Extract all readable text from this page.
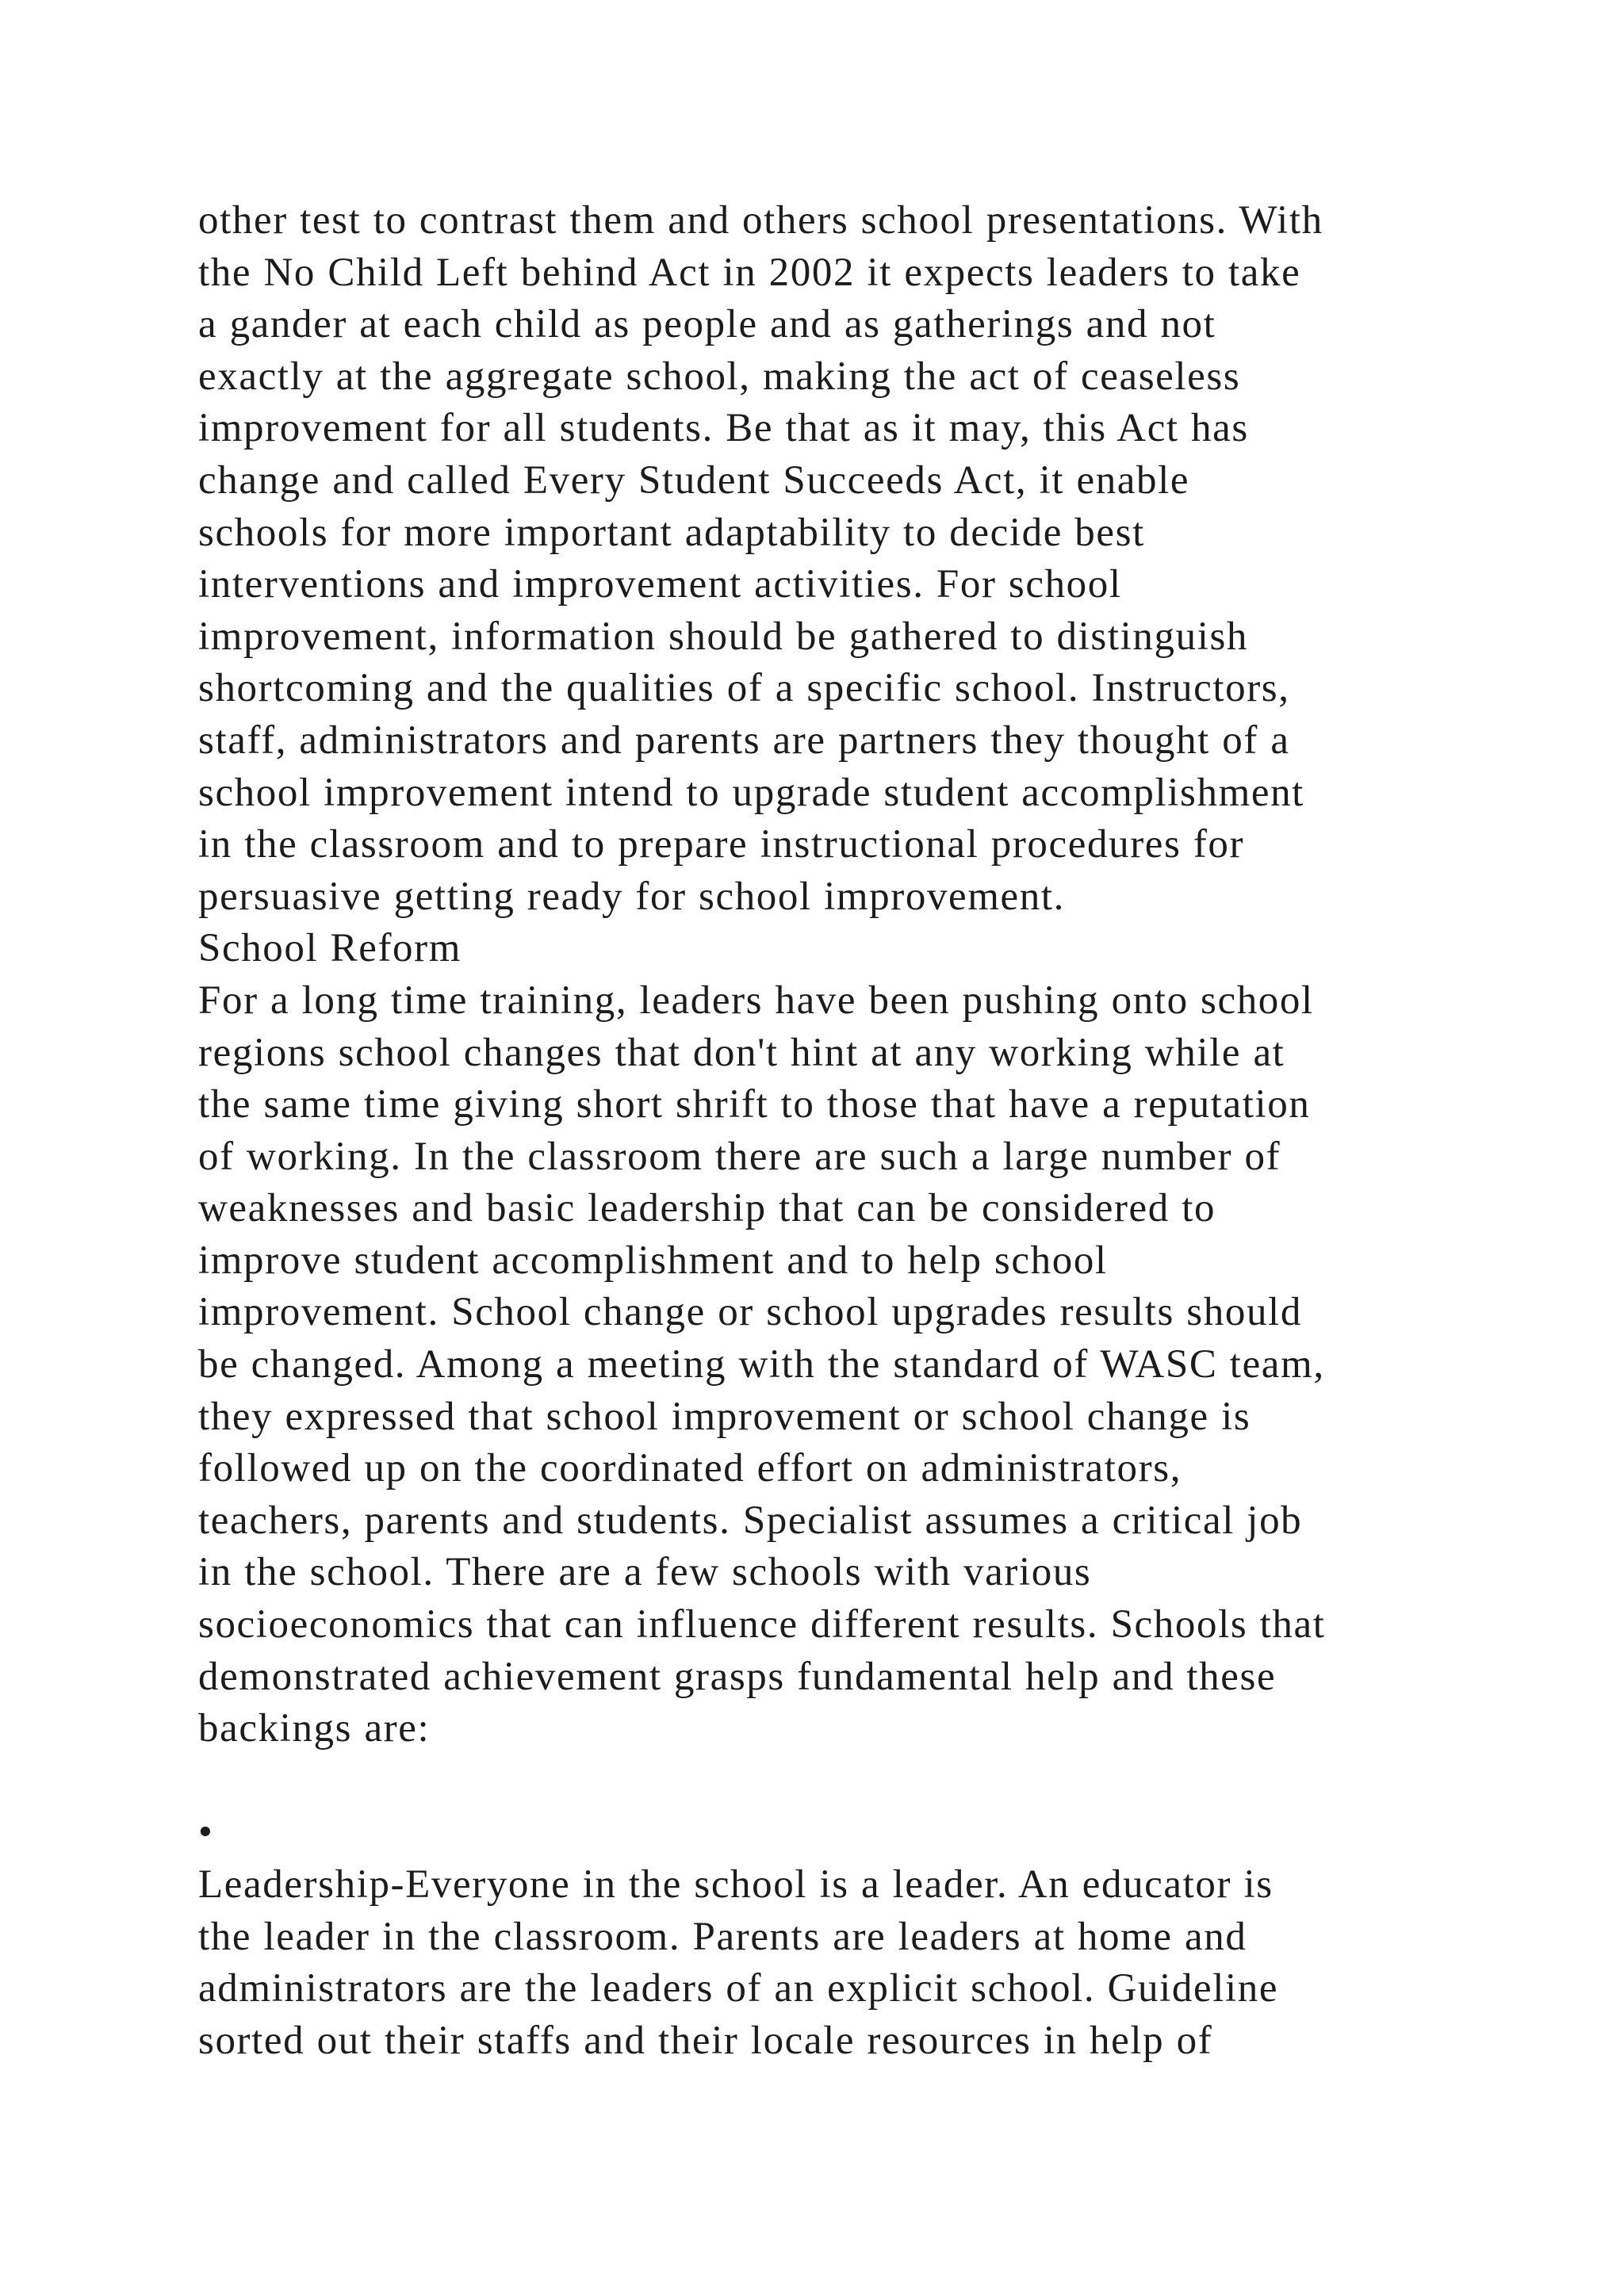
other test to contrast them and others school presentations. With
the No Child Left behind Act in 2002 it expects leaders to take
a gander at each child as people and as gatherings and not
exactly at the aggregate school, making the act of ceaseless
improvement for all students. Be that as it may, this Act has
change and called Every Student Succeeds Act, it enable
schools for more important adaptability to decide best
interventions and improvement activities. For school
improvement, information should be gathered to distinguish
shortcoming and the qualities of a specific school. Instructors,
staff, administrators and parents are partners they thought of a
school improvement intend to upgrade student accomplishment
in the classroom and to prepare instructional procedures for
persuasive getting ready for school improvement.
School Reform
For a long time training, leaders have been pushing onto school
regions school changes that don't hint at any working while at
the same time giving short shrift to those that have a reputation
of working. In the classroom there are such a large number of
weaknesses and basic leadership that can be considered to
improve student accomplishment and to help school
improvement. School change or school upgrades results should
be changed. Among a meeting with the standard of WASC team,
they expressed that school improvement or school change is
followed up on the coordinated effort on administrators,
teachers, parents and students. Specialist assumes a critical job
in the school. There are a few schools with various
socioeconomics that can influence different results. Schools that
demonstrated achievement grasps fundamental help and these
backings are:
•
Leadership-Everyone in the school is a leader. An educator is
the leader in the classroom. Parents are leaders at home and
administrators are the leaders of an explicit school. Guideline
sorted out their staffs and their locale resources in help of
